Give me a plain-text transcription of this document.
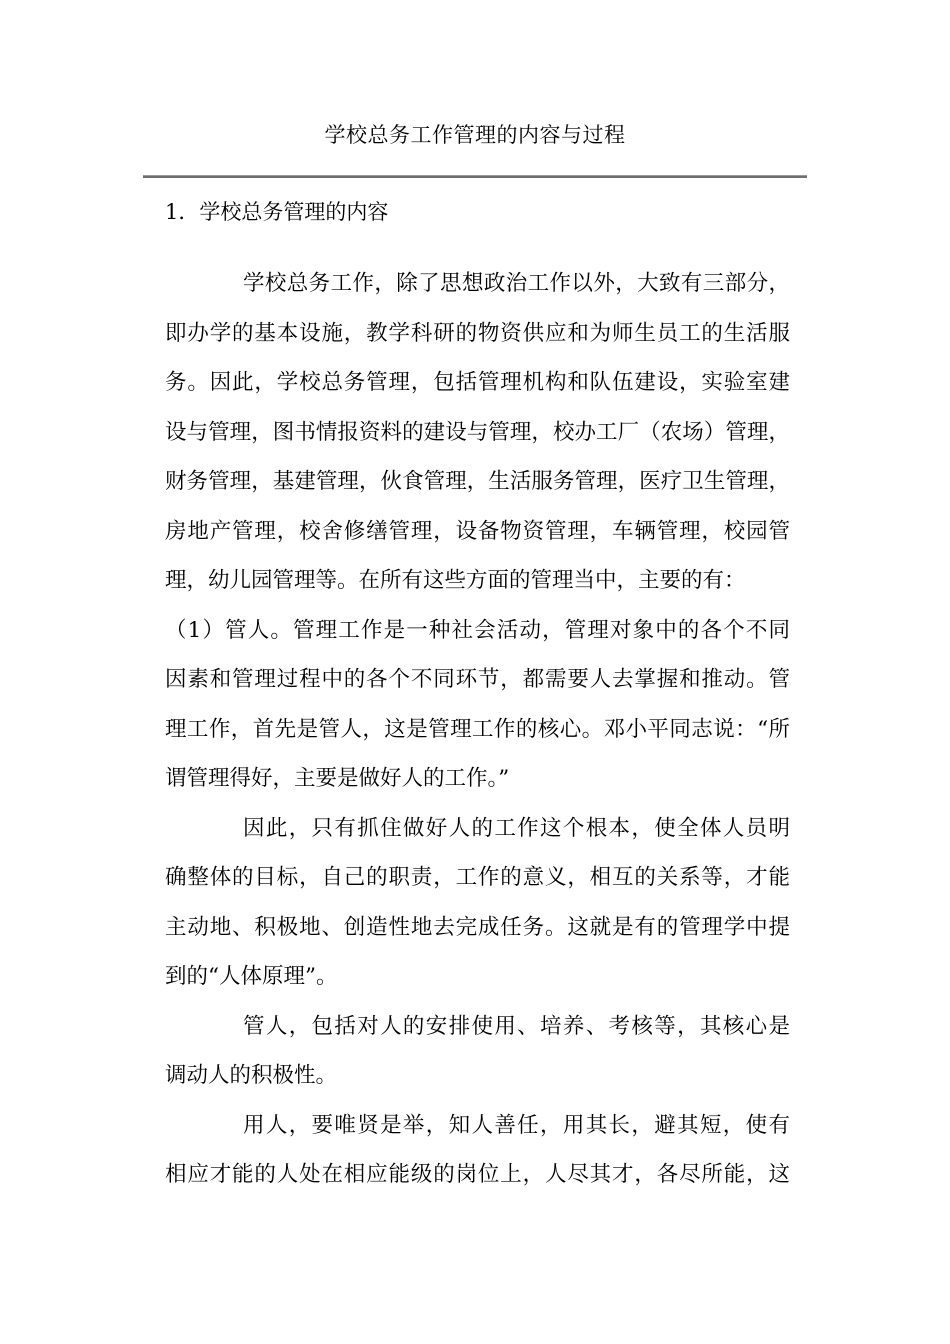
学校总务工作管理的内容与过程
1．学校总务管理的内容
学校总务工作，除了思想政治工作以外，大致有三部分，
即办学的基本设施，教学科研的物资供应和为师生员工的生活服
务。因此，学校总务管理，包括管理机构和队伍建设，实验室建
设与管理，图书情报资料的建设与管理，校办工厂（农场）管理，
财务管理，基建管理，伙食管理，生活服务管理，医疗卫生管理，
房地产管理，校舍修缮管理，设备物资管理，车辆管理，校园管
理，幼儿园管理等。在所有这些方面的管理当中，主要的有：
（1）管人。管理工作是一种社会活动，管理对象中的各个不同
因素和管理过程中的各个不同环节，都需要人去掌握和推动。管
理工作，首先是管人，这是管理工作的核心。邓小平同志说：“所
谓管理得好，主要是做好人的工作。”
因此，只有抓住做好人的工作这个根本，使全体人员明
确整体的目标，自己的职责，工作的意义，相互的关系等，才能
主动地、积极地、创造性地去完成任务。这就是有的管理学中提
到的“人体原理”。
管人，包括对人的安排使用、培养、考核等，其核心是
调动人的积极性。
用人，要唯贤是举，知人善任，用其长，避其短，使有
相应才能的人处在相应能级的岗位上，人尽其才，各尽所能，这
